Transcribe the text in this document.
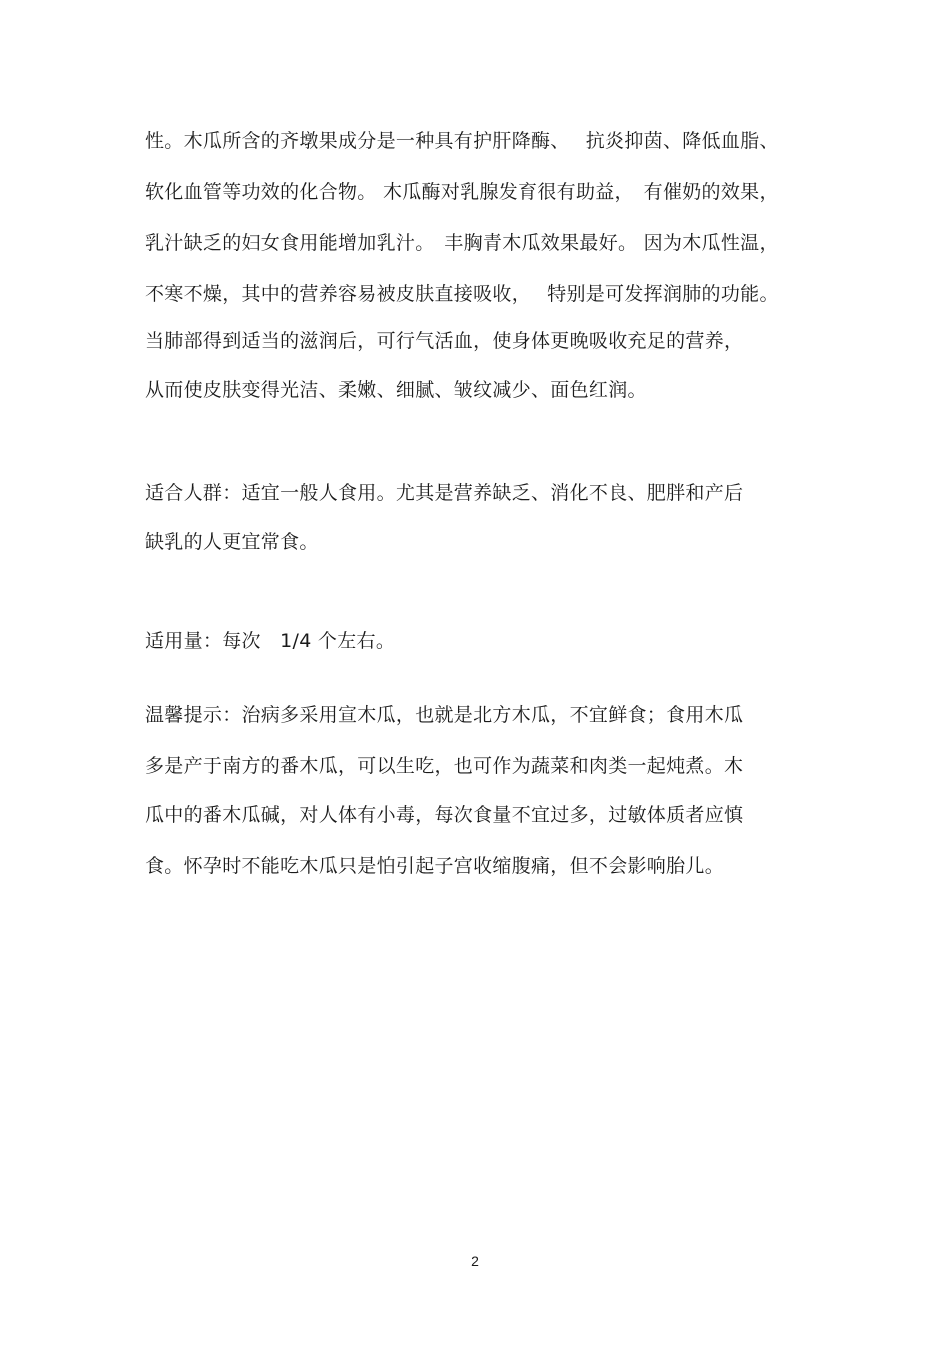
性。木瓜所含的齐墩果成分是一种具有护肝降酶、　 抗炎抑茵、降低血脂、
软化血管等功效的化合物。 木瓜酶对乳腺发育很有助益，　有催奶的效果，
乳汁缺乏的妇女食用能增加乳汁。　丰胸青木瓜效果最好。 因为木瓜性温，
不寒不燥，其中的营养容易被皮肤直接吸收，　 特别是可发挥润肺的功能。
当肺部得到适当的滋润后，可行气活血，使身体更晚吸收充足的营养，
从而使皮肤变得光洁、柔嫩、细腻、皱纹减少、面色红润。
适合人群：适宜一般人食用。尤其是营养缺乏、消化不良、肥胖和产后
缺乳的人更宜常食。
适用量：每次　1/4 个左右。
温馨提示：治病多采用宣木瓜，也就是北方木瓜，不宜鲜食；食用木瓜
多是产于南方的番木瓜，可以生吃，也可作为蔬菜和肉类一起炖煮。木
瓜中的番木瓜碱，对人体有小毒，每次食量不宜过多，过敏体质者应慎
食。怀孕时不能吃木瓜只是怕引起子宫收缩腹痛，但不会影响胎儿。
2
